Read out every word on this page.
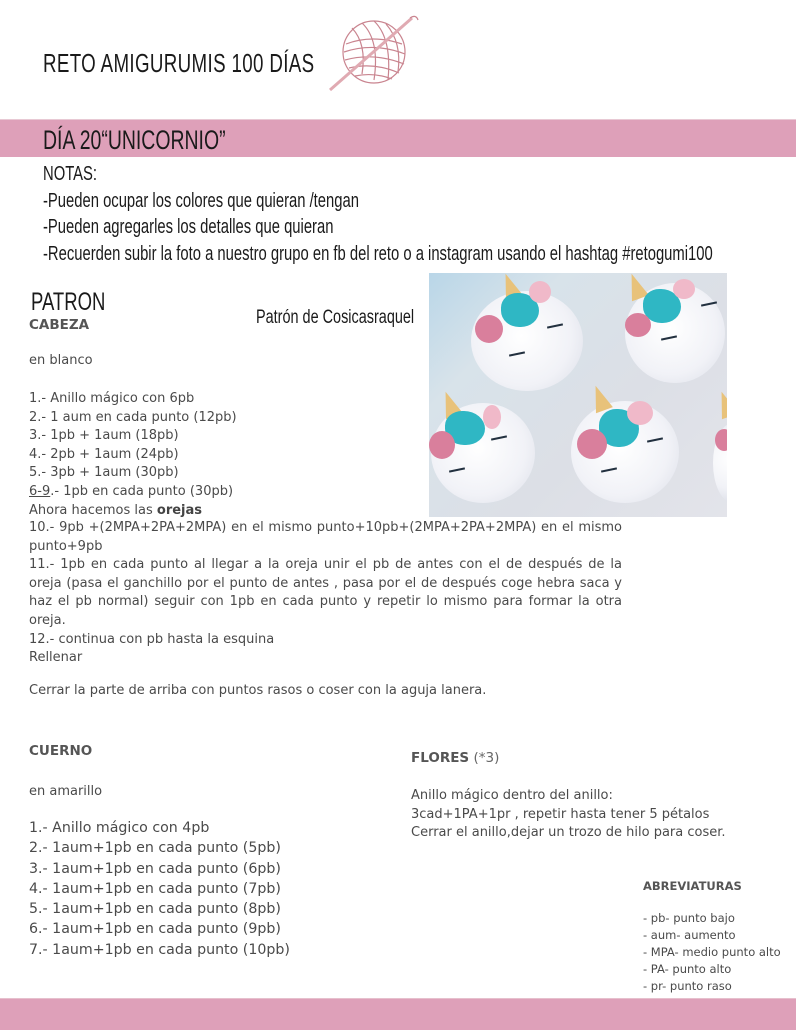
RETO AMIGURUMIS 100 DÍAS
DÍA 20“UNICORNIO”
NOTAS:
-Pueden ocupar los colores que quieran /tengan
-Pueden agregarles los detalles que quieran
-Recuerden subir la foto a nuestro grupo en fb del reto o a instagram usando el hashtag #retogumi100
PATRON
Patrón de Cosicasraquel
CABEZA
en blanco
1.- Anillo mágico con 6pb
2.- 1 aum en cada punto (12pb)
3.- 1pb + 1aum (18pb)
4.- 2pb + 1aum (24pb)
5.- 3pb + 1aum (30pb)
6-9.- 1pb en cada punto (30pb)
Ahora hacemos las orejas
10.- 9pb +(2MPA+2PA+2MPA) en el mismo punto+10pb+(2MPA+2PA+2MPA) en el mismo punto+9pb
11.- 1pb en cada punto al llegar a la oreja unir el pb de antes con el de después de la oreja (pasa el ganchillo por el punto de antes , pasa por el de después coge hebra saca y haz el pb normal) seguir con 1pb en cada punto y repetir lo mismo para formar la otra oreja.
12.- continua con pb hasta la esquina
Rellenar
Cerrar la parte de arriba con puntos rasos o coser con la aguja lanera.
CUERNO
en amarillo
1.- Anillo mágico con 4pb
2.- 1aum+1pb en cada punto (5pb)
3.- 1aum+1pb en cada punto (6pb)
4.- 1aum+1pb en cada punto (7pb)
5.- 1aum+1pb en cada punto (8pb)
6.- 1aum+1pb en cada punto (9pb)
7.- 1aum+1pb en cada punto (10pb)
FLORES (*3)
Anillo mágico dentro del anillo:
3cad+1PA+1pr , repetir hasta tener 5 pétalos
Cerrar el anillo,dejar un trozo de hilo para coser.
ABREVIATURAS
- pb- punto bajo
- aum- aumento
- MPA- medio punto alto
- PA- punto alto
- pr- punto raso
